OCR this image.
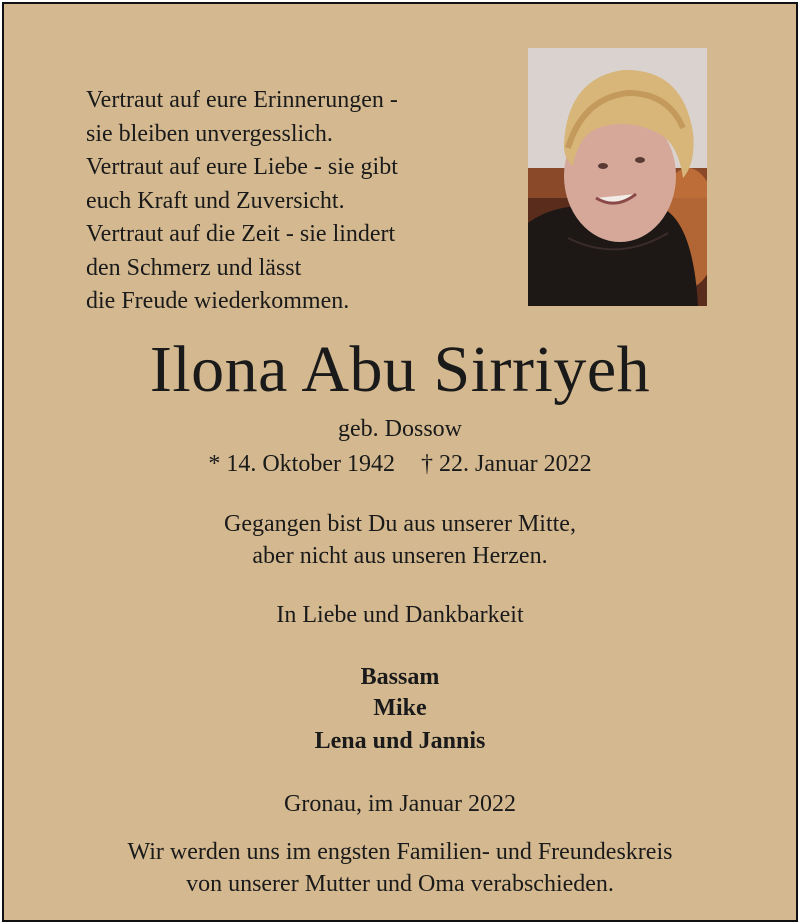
Vertraut auf eure Erinnerungen -
sie bleiben unvergesslich.
Vertraut auf eure Liebe - sie gibt
euch Kraft und Zuversicht.
Vertraut auf die Zeit - sie lindert
den Schmerz und lässt
die Freude wiederkommen.
Ilona Abu Sirriyeh
geb. Dossow
* 14. Oktober 1942 † 22. Januar 2022
Gegangen bist Du aus unserer Mitte,
aber nicht aus unseren Herzen.
In Liebe und Dankbarkeit
Bassam
Mike
Lena und Jannis
Gronau, im Januar 2022
Wir werden uns im engsten Familien- und Freundeskreis
von unserer Mutter und Oma verabschieden.
